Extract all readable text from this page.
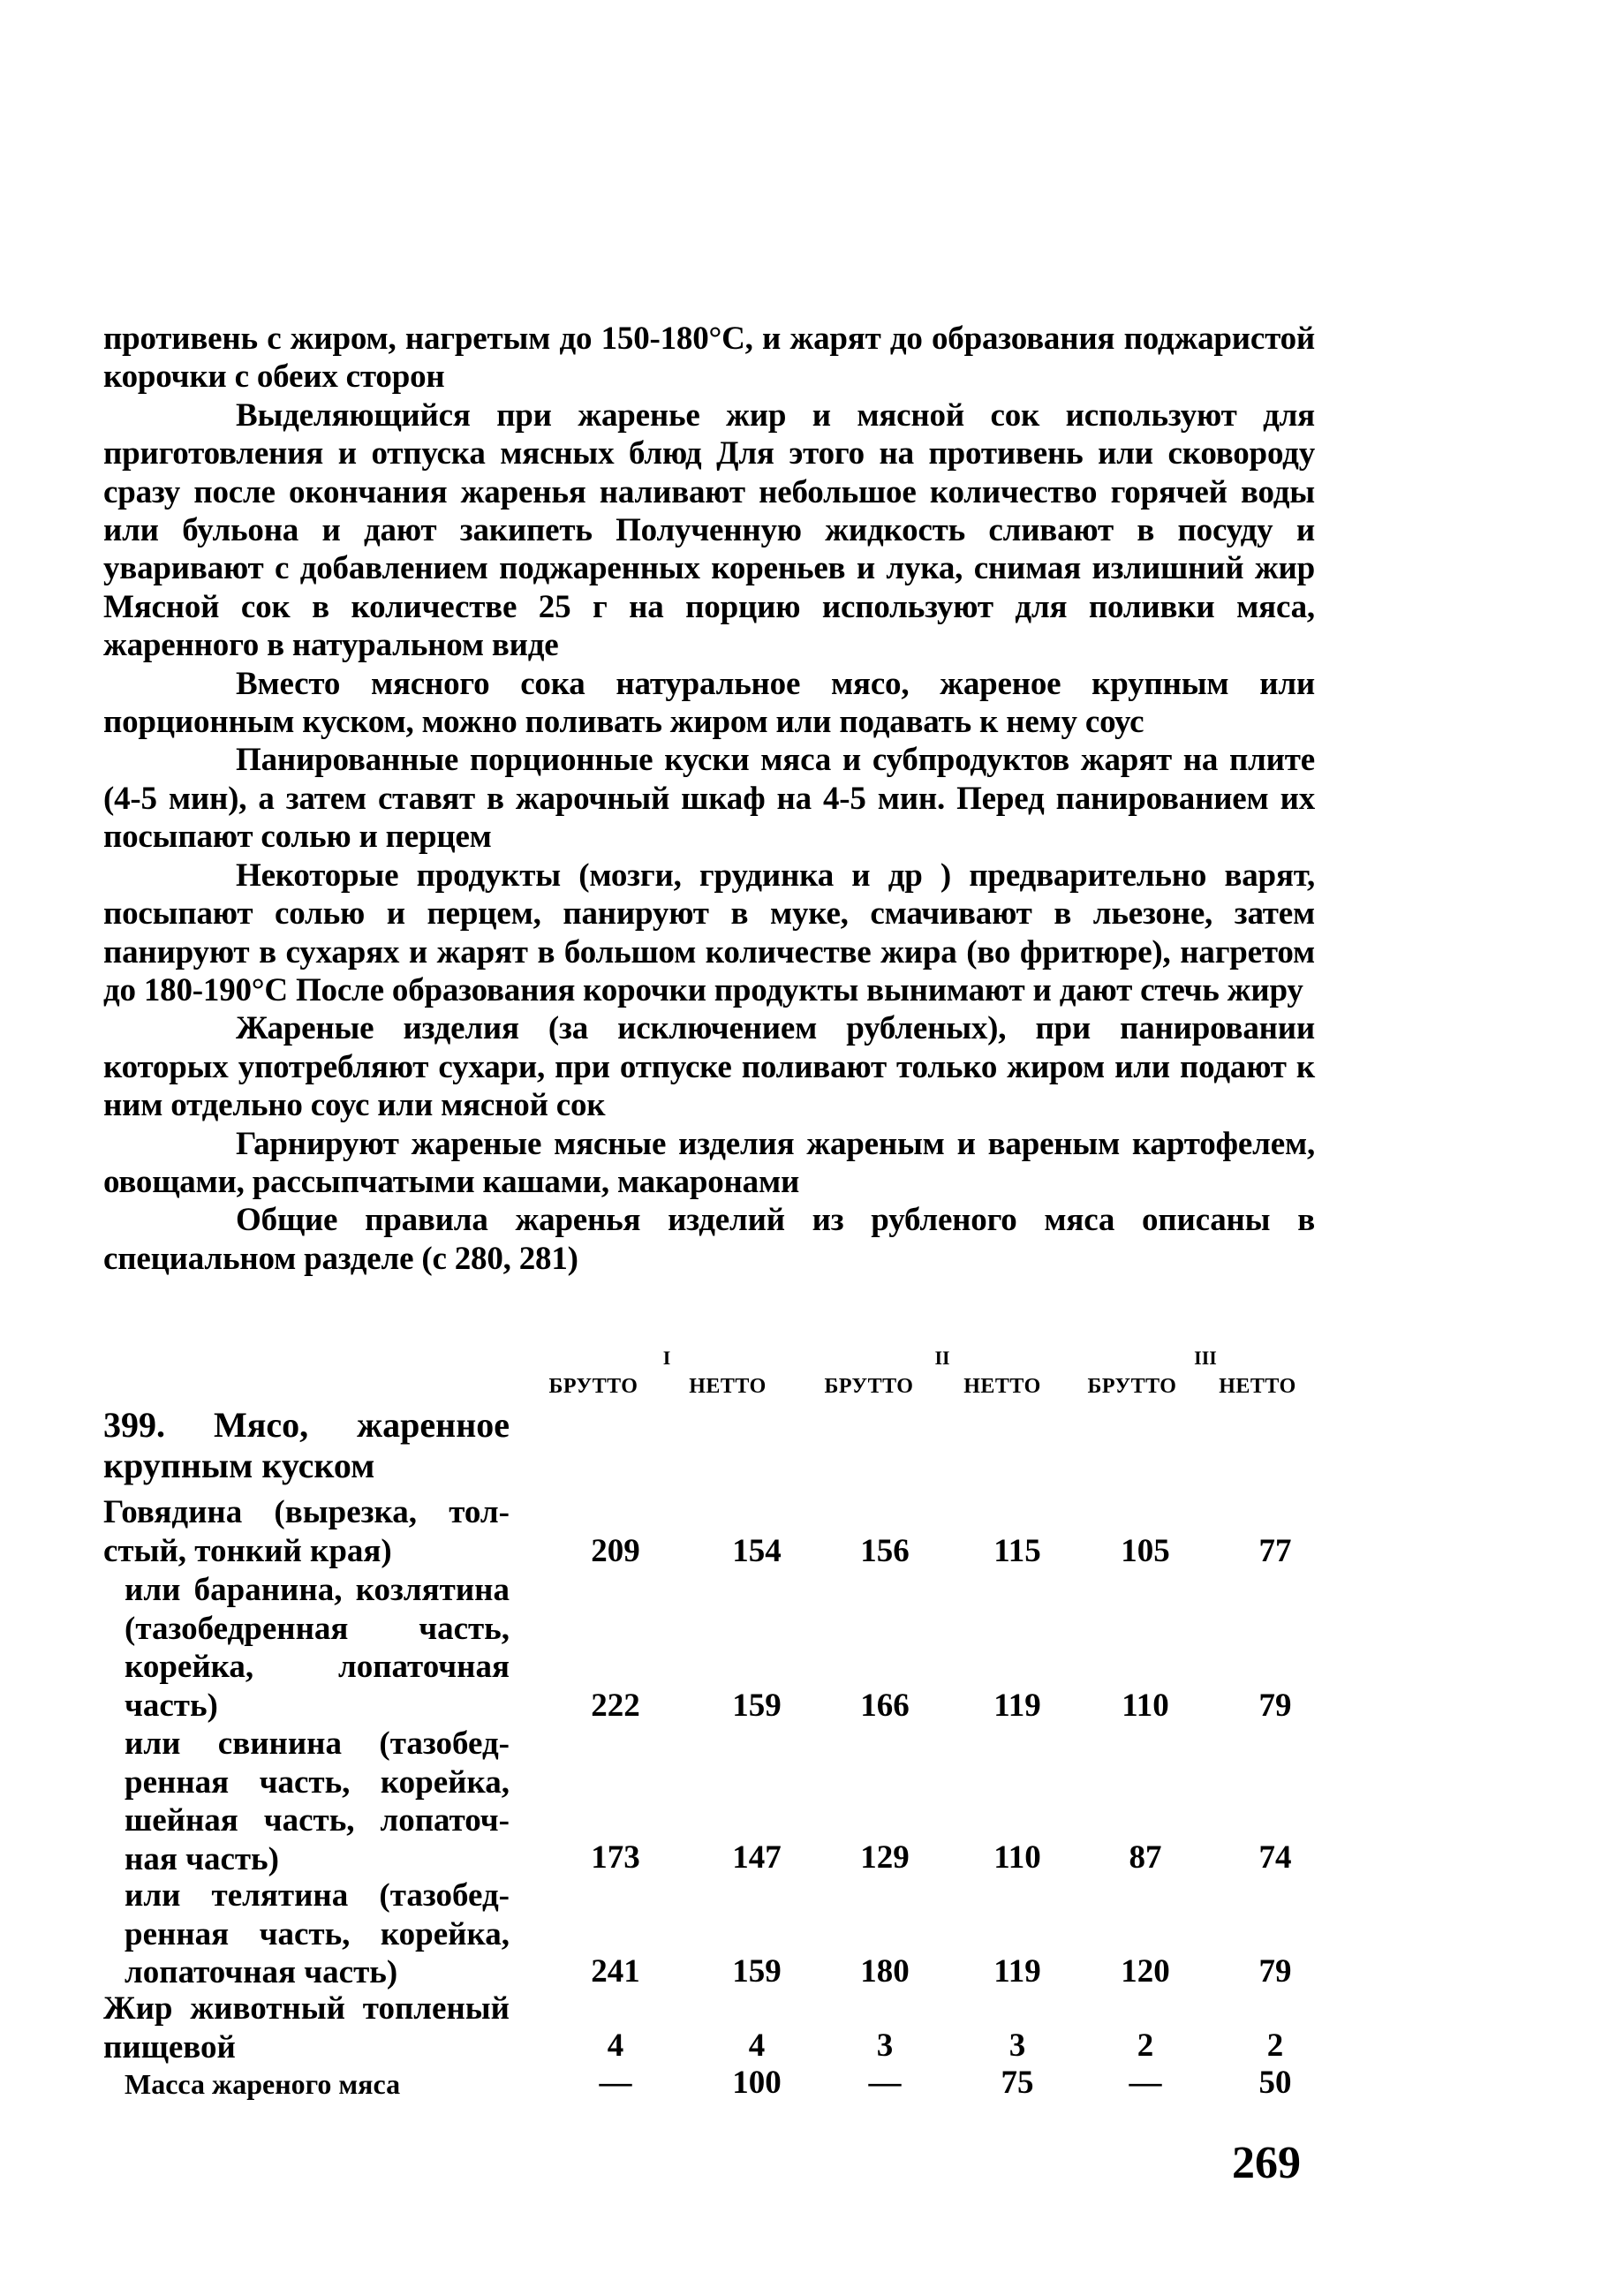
противень с жиром, нагретым до 150-180°С, и жарят до образования поджаристой корочки с обеих сторон

Выделяющийся при жаренье жир и мясной сок используют для приготовления и отпуска мясных блюд Для этого на противень или сковороду сразу после окончания жаренья наливают небольшое количество горячей воды или бульона и дают закипеть Полученную жидкость сливают в посуду и уваривают с добавлением поджаренных кореньев и лука, снимая излишний жир Мясной сок в количестве 25 г на порцию используют для поливки мяса, жаренного в натуральном виде

Вместо мясного сока натуральное мясо, жареное крупным или порционным куском, можно поливать жиром или подавать к нему соус

Панированные порционные куски мяса и субпродуктов жарят на плите (4-5 мин), а затем ставят в жарочный шкаф на 4-5 мин. Перед панированием их посыпают солью и перцем

Некоторые продукты (мозги, грудинка и др ) предварительно варят, посыпают солью и перцем, панируют в муке, смачивают в льезоне, затем панируют в сухарях и жарят в большом количестве жира (во фритюре), нагретом до 180-190°С После образования корочки продукты вынимают и дают стечь жиру

Жареные изделия (за исключением рубленых), при панировании которых употребляют сухари, при отпуске поливают только жиром или подают к ним отдельно соус или мясной сок

Гарнируют жареные мясные изделия жареным и вареным картофелем, овощами, рассыпчатыми кашами, макаронами

Общие правила жаренья изделий из рубленого мяса описаны в специальном разделе (с 280, 281)

I	II	III
БРУТТО	НЕТТО	БРУТТО	НЕТТО	БРУТТО	НЕТТО
399. Мясо, жаренное крупным куском
Говядина (вырезка, тол-
стый, тонкий края)	209	154	156	115	105	77
или баранина, козлятина
(тазобедренная часть,
корейка, лопаточная
часть)	222	159	166	119	110	79
или свинина (тазобед-
ренная часть, корейка,
шейная часть, лопаточ-
ная часть)	173	147	129	110	87	74
или телятина (тазобед-
ренная часть, корейка,
лопаточная часть)	241	159	180	119	120	79
Жир животный топленый
пищевой	4	4	3	3	2	2
Масса жареного мяса	—	100	—	75	—	50
269
